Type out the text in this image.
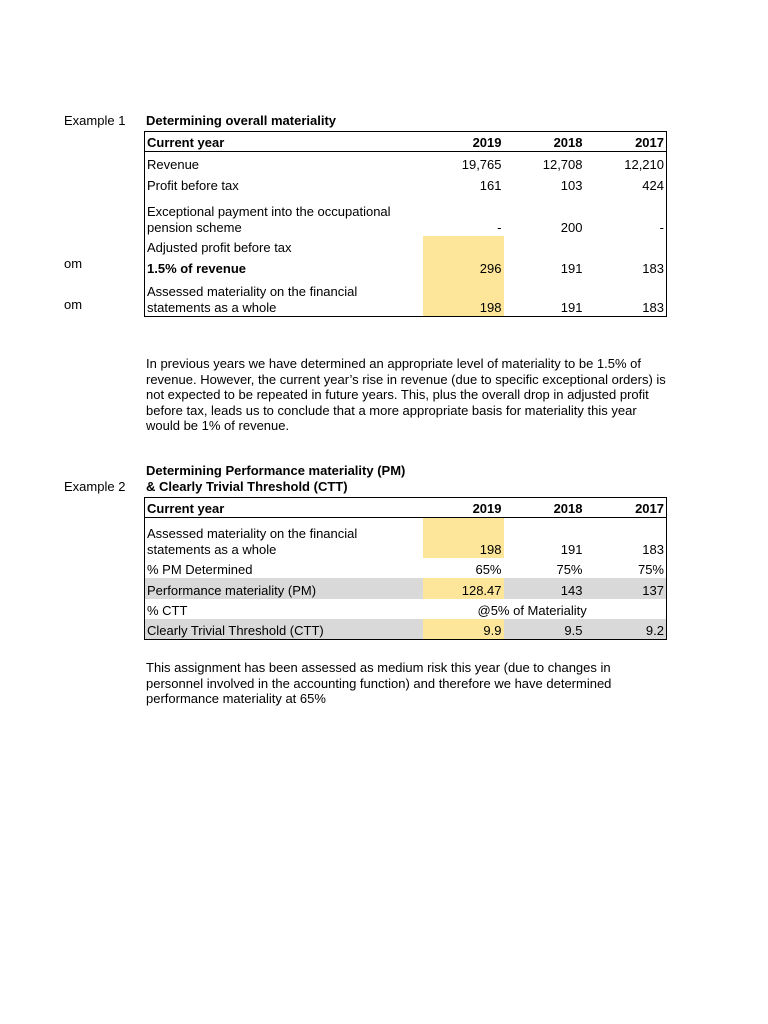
Example 1 Determining overall materiality
om
om
Current year	2019	2018	2017
Revenue	19,765	12,708	12,210
Profit before tax	161	103	424
Exceptional payment into the occupational
pension scheme	-	200	-
Adjusted profit before tax			
1.5% of revenue	296	191	183
Assessed materiality on the financial
statements as a whole	198	191	183
In previous years we have determined an appropriate level of materiality to be 1.5% of revenue. However, the current year’s rise in revenue (due to specific exceptional orders) is not expected to be repeated in future years. This, plus the overall drop in adjusted profit before tax, leads us to conclude that a more appropriate basis for materiality this year would be 1% of revenue.
Determining Performance materiality (PM)
& Clearly Trivial Threshold (CTT)
Example 2
Current year	2019	2018	2017
Assessed materiality on the financial
statements as a whole	198	191	183
% PM Determined	65%	75%	75%
Performance materiality (PM)	128.47	143	137
% CTT	@5% of Materiality		
Clearly Trivial Threshold (CTT)	9.9	9.5	9.2
This assignment has been assessed as medium risk this year (due to changes in personnel involved in the accounting function) and therefore we have determined performance materiality at 65%
